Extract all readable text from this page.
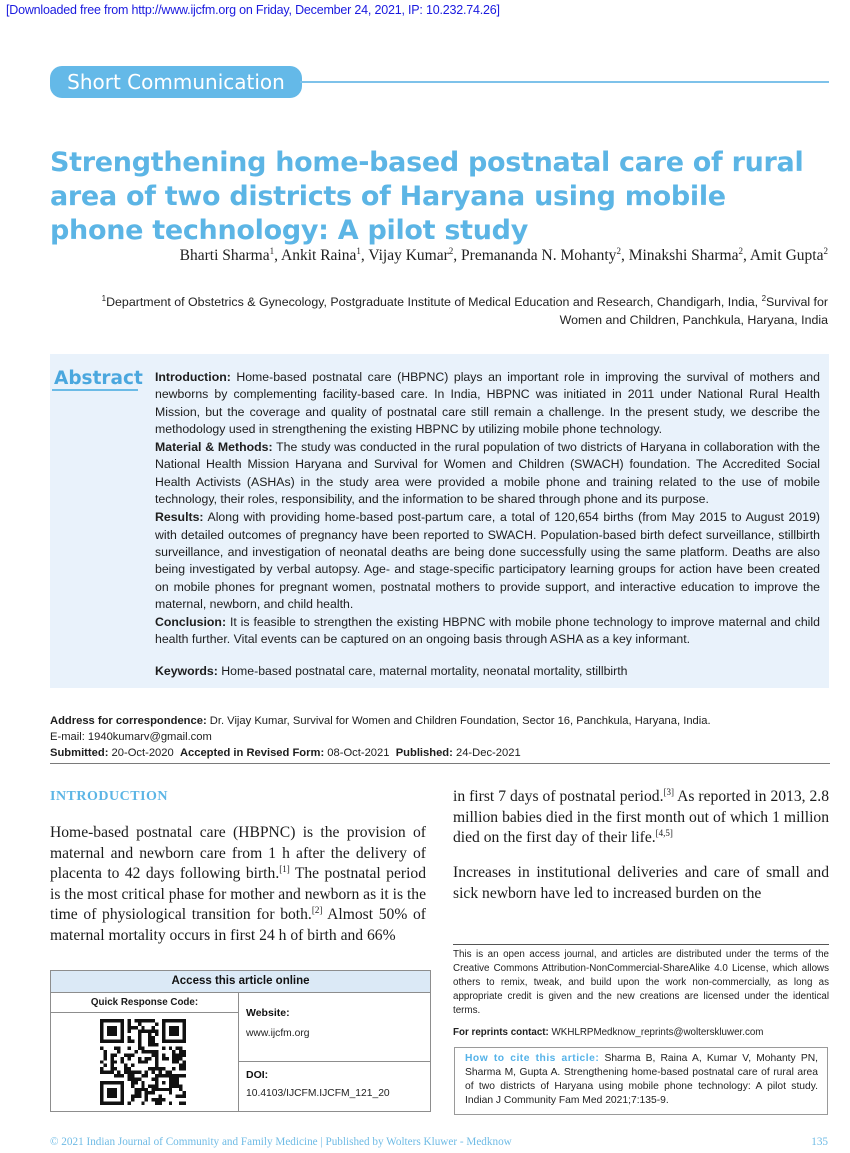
[Downloaded free from http://www.ijcfm.org on Friday, December 24, 2021, IP: 10.232.74.26]
Short Communication
Strengthening home-based postnatal care of rural area of two districts of Haryana using mobile phone technology: A pilot study
Bharti Sharma$^1$, Ankit Raina$^1$, Vijay Kumar$^2$, Premananda N. Mohanty$^2$, Minakshi Sharma$^2$, Amit Gupta$^2$
$^1$Department of Obstetrics & Gynecology, Postgraduate Institute of Medical Education and Research, Chandigarh, India, $^2$Survival for Women and Children, Panchkula, Haryana, India
Abstract Introduction: Home-based postnatal care (HBPNC) plays an important role in improving the survival of mothers and newborns by complementing facility-based care. In India, HBPNC was initiated in 2011 under National Rural Health Mission, but the coverage and quality of postnatal care still remain a challenge. In the present study, we describe the methodology used in strengthening the existing HBPNC by utilizing mobile phone technology.

Material & Methods: The study was conducted in the rural population of two districts of Haryana in collaboration with the National Health Mission Haryana and Survival for Women and Children (SWACH) foundation. The Accredited Social Health Activists (ASHAs) in the study area were provided a mobile phone and training related to the use of mobile technology, their roles, responsibility, and the information to be shared through phone and its purpose.

Results: Along with providing home-based post-partum care, a total of 120,654 births (from May 2015 to August 2019) with detailed outcomes of pregnancy have been reported to SWACH. Population-based birth defect surveillance, stillbirth surveillance, and investigation of neonatal deaths are being done successfully using the same platform. Deaths are also being investigated by verbal autopsy. Age- and stage-specific participatory learning groups for action have been created on mobile phones for pregnant women, postnatal mothers to provide support, and interactive education to improve the maternal, newborn, and child health.

Conclusion: It is feasible to strengthen the existing HBPNC with mobile phone technology to improve maternal and child health further. Vital events can be captured on an ongoing basis through ASHA as a key informant.

Keywords: Home-based postnatal care, maternal mortality, neonatal mortality, stillbirth
Address for correspondence: Dr. Vijay Kumar, Survival for Women and Children Foundation, Sector 16, Panchkula, Haryana, India.
E-mail: 1940kumarv@gmail.com
Submitted: 20-Oct-2020  Accepted in Revised Form: 08-Oct-2021  Published: 24-Dec-2021
INTRODUCTION
Home-based postnatal care (HBPNC) is the provision of maternal and newborn care from 1 h after the delivery of placenta to 42 days following birth.[1] The postnatal period is the most critical phase for mother and newborn as it is the time of physiological transition for both.[2] Almost 50% of maternal mortality occurs in first 24 h of birth and 66%
in first 7 days of postnatal period.[3] As reported in 2013, 2.8 million babies died in the first month out of which 1 million died on the first day of their life.[4,5]
Increases in institutional deliveries and care of small and sick newborn have led to increased burden on the
This is an open access journal, and articles are distributed under the terms of the Creative Commons Attribution-NonCommercial-ShareAlike 4.0 License, which allows others to remix, tweak, and build upon the work non-commercially, as long as appropriate credit is given and the new creations are licensed under the identical terms.
For reprints contact: WKHLRPMedknow_reprints@wolterskluwer.com
How to cite this article: Sharma B, Raina A, Kumar V, Mohanty PN, Sharma M, Gupta A. Strengthening home-based postnatal care of rural area of two districts of Haryana using mobile phone technology: A pilot study. Indian J Community Fam Med 2021;7:135-9.
Access this article online
Quick Response Code:
Website:
www.ijcfm.org
DOI:
10.4103/IJCFM.IJCFM_121_20
© 2021 Indian Journal of Community and Family Medicine | Published by Wolters Kluwer - Medknow	135
